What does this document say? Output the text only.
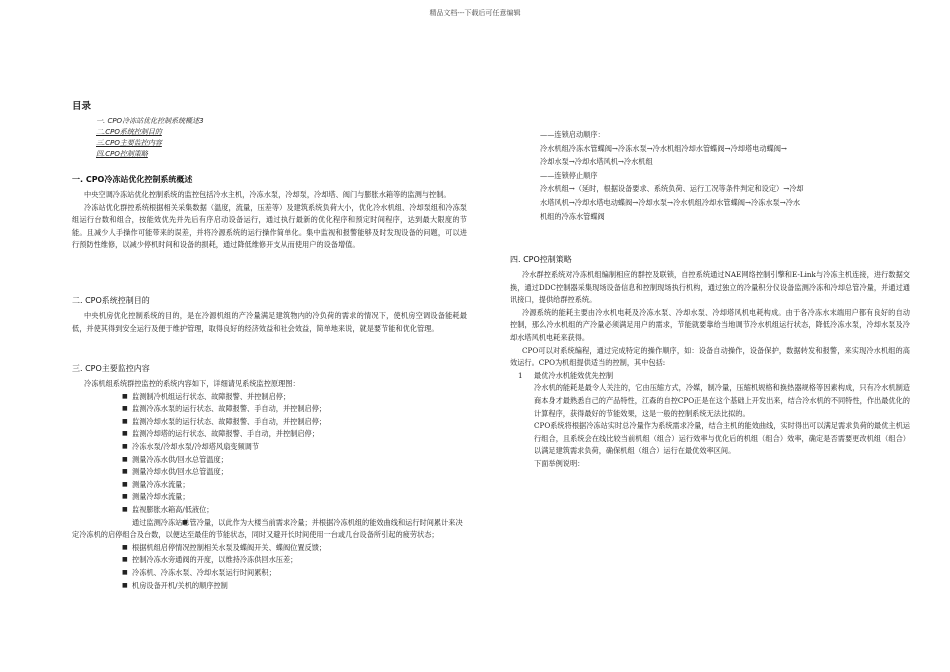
精品文档---下载后可任意编辑
目录
一. CPO冷冻站优化控制系统概述3
二.CPO系统控制目的
三.CPO主要监控内容
四.CPO控制策略
一. CPO冷冻站优化控制系统概述
中央空调冷冻站优化控制系统的监控包括冷水主机，冷冻水泵，冷却泵，冷却塔、阀门与膨胀水箱等的监测与控制。
冷冻站优化群控系统根据相关采集数据（温度，流量，压差等）及建筑系统负荷大小，优化冷水机组、冷却泵组和冷冻泵组运行台数和组合，按能效优先并先后有序启动设备运行，通过执行最新的优化程序和预定时间程序，达到最大限度的节能。且减少人手操作可能带来的误差，并将冷源系统的运行操作简单化。集中监视和报警能够及时发现设备的问题，可以进行预防性维修，以减少停机时间和设备的损耗，通过降低维修开支从而使用户的设备增值。
二. CPO系统控制目的
中央机房优化控制系统的目的，是在冷源机组的产冷量满足建筑物内的冷负荷的需求的情况下，使机房空调设备能耗最低，并使其得到安全运行及便于维护管理，取得良好的经济效益和社会效益，简单地来说，就是要节能和优化管理。
三. CPO主要监控内容
冷冻机组系统群控监控的系统内容如下，详细请见系统监控原理图：
■ 监测制冷机组运行状态、故障报警、并控制启停；
■ 监测冷冻水泵的运行状态、故障报警、手自动，并控制启停；
■ 监测冷却水泵的运行状态、故障报警、手自动，并控制启停；
■ 监测冷却塔的运行状态、故障报警、手自动，并控制启停；
■ 冷冻水泵/冷却水泵/冷却塔风扇变频调节
■ 测量冷冻水供/回水总管温度；
■ 测量冷却水供/回水总管温度；
■ 测量冷冻水流量；
■ 测量冷却水流量；
■ 监视膨胀水箱高/低液位；
■ 通过监测冷冻站总管冷量，以此作为大楼当前需求冷量；并根据冷冻机组的能效曲线和运行时间累计来决定冷冻机的启停组合及台数，以便达至最佳的节能状态，同时又避开长时间使用一台或几台设备所引起的疲劳状态；
■ 根据机组启停情况控制相关水泵及蝶阀开关、蝶阀位置反馈；
■ 控制冷冻水旁通阀的开度，以维持冷冻供回水压差；
■ 冷冻机、冷冻水泵、冷却水泵运行时间累积；
■ 机房设备开机/关机的顺序控制
——连锁启动顺序：
冷水机组冷冻水管蝶阀→冷冻水泵→冷水机组冷却水管蝶阀→冷却塔电动蝶阀→
冷却水泵→冷却水塔风机→冷水机组
——连锁停止顺序
冷水机组→（延时，根据设备要求、系统负荷、运行工况等条件判定和设定）→冷却
水塔风机→冷却水塔电动蝶阀→冷却水泵→冷水机组冷却水管蝶阀→冷冻水泵→冷水
机组的冷冻水管蝶阀
四. CPO控制策略
冷水群控系统对冷冻机组编制相应的群控及联锁，自控系统通过NAE网络控制引擎和E-Link与冷冻主机连接，进行数据交换，通过DDC控制器采集现场设备信息和控制现场执行机构，通过独立的冷量积分仪设备监测冷冻和冷却总管冷量，并通过通讯接口，提供给群控系统。
冷源系统的能耗主要由冷水机电耗及冷冻水泵、冷却水泵、冷却塔风机电耗构成。由于各冷冻水末端用户都有良好的自动控制，那么冷水机组的产冷量必须满足用户的需求，节能就要靠给当地调节冷水机组运行状态，降低冷冻水泵，冷却水泵及冷却水塔风机电耗来获得。
CPO可以对系统编程，通过完成特定的操作顺序，如：设备自动操作，设备保护，数据转发和报警，来实现冷水机组的高效运行。CPO为机组提供适当的控制，其中包括:
1 最优冷水机能效优先控制
冷水机的能耗是最令人关注的，它由压缩方式，冷媒，制冷量，压缩机规格和换热器规格等因素构成，只有冷水机制造商本身才最熟悉自己的产品特性，江森的自控CPO正是在这个基础上开发出来，结合冷水机的不同特性，作出最优化的计算程序，获得最好的节能效果，这是一般的控制系统无法比拟的。
CPO系统将根据冷冻站实时总冷量作为系统需求冷量，结合主机的能效曲线，实时得出可以满足需求负荷的最优主机运行组合，且系统会在线比较当前机组（组合）运行效率与优化后的机组（组合）效率，确定是否需要更改机组（组合）以满足建筑需求负荷，确保机组（组合）运行在最优效率区间。
下面举例说明：
